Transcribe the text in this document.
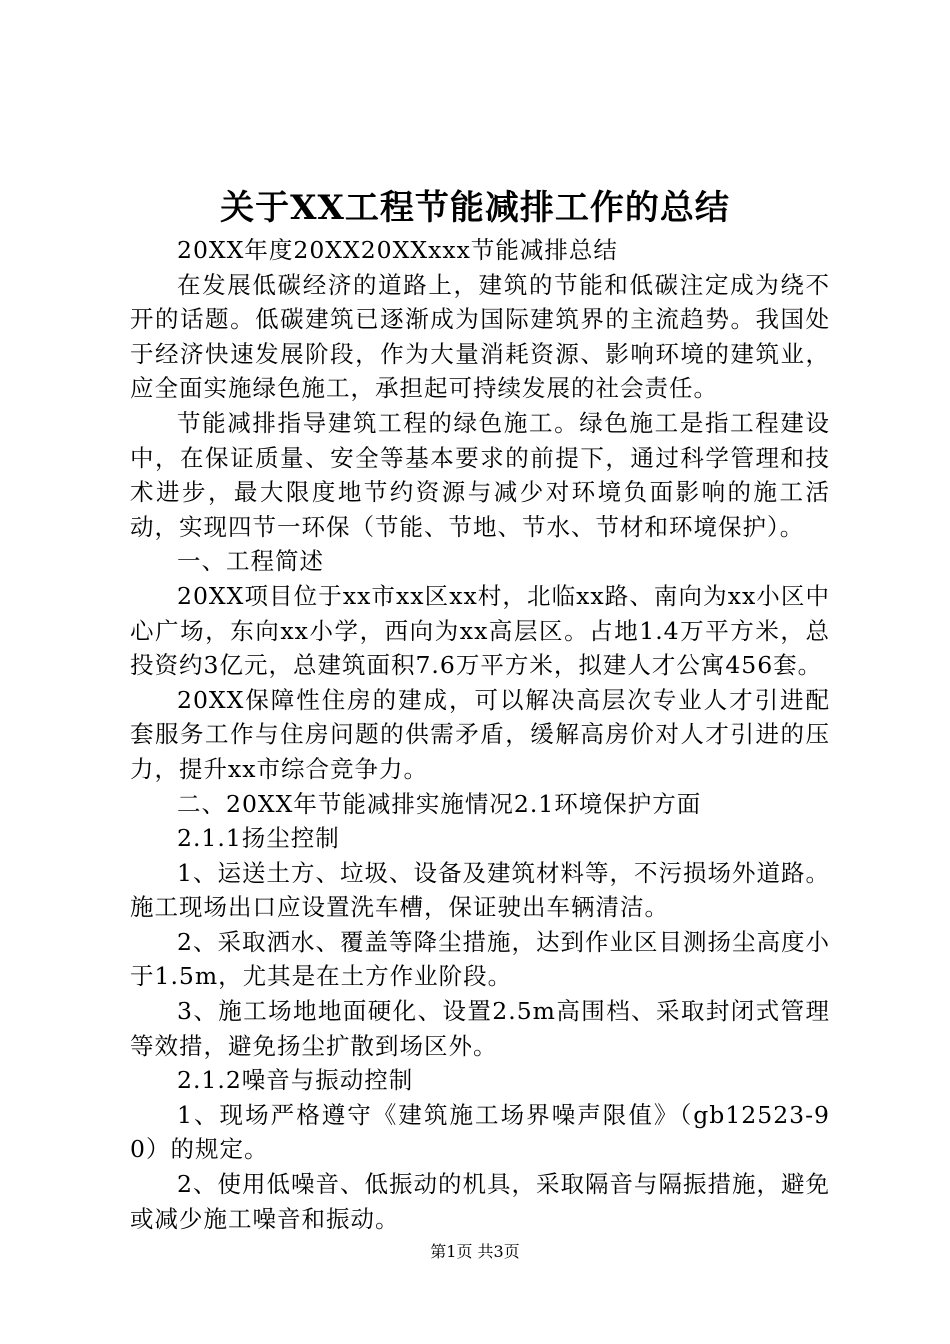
关于XX工程节能减排工作的总结

20XX年度20XX20XXxxx节能减排总结

在发展低碳经济的道路上，建筑的节能和低碳注定成为绕不开的话题。低碳建筑已逐渐成为国际建筑界的主流趋势。我国处于经济快速发展阶段，作为大量消耗资源、影响环境的建筑业，应全面实施绿色施工，承担起可持续发展的社会责任。

节能减排指导建筑工程的绿色施工。绿色施工是指工程建设中，在保证质量、安全等基本要求的前提下，通过科学管理和技术进步，最大限度地节约资源与减少对环境负面影响的施工活动，实现四节一环保（节能、节地、节水、节材和环境保护）。

一、工程简述

20XX项目位于xx市xx区xx村，北临xx路、南向为xx小区中心广场，东向xx小学，西向为xx高层区。占地1.4万平方米，总投资约3亿元，总建筑面积7.6万平方米，拟建人才公寓456套。

20XX保障性住房的建成，可以解决高层次专业人才引进配套服务工作与住房问题的供需矛盾，缓解高房价对人才引进的压力，提升xx市综合竞争力。

二、20XX年节能减排实施情况2.1环境保护方面

2.1.1扬尘控制

1、运送土方、垃圾、设备及建筑材料等，不污损场外道路。施工现场出口应设置洗车槽，保证驶出车辆清洁。

2、采取洒水、覆盖等降尘措施，达到作业区目测扬尘高度小于1.5m，尤其是在土方作业阶段。

3、施工场地地面硬化、设置2.5m高围档、采取封闭式管理等效措，避免扬尘扩散到场区外。

2.1.2噪音与振动控制

1、现场严格遵守《建筑施工场界噪声限值》（gb12523-90）的规定。

2、使用低噪音、低振动的机具，采取隔音与隔振措施，避免或减少施工噪音和振动。

第1页 共3页
